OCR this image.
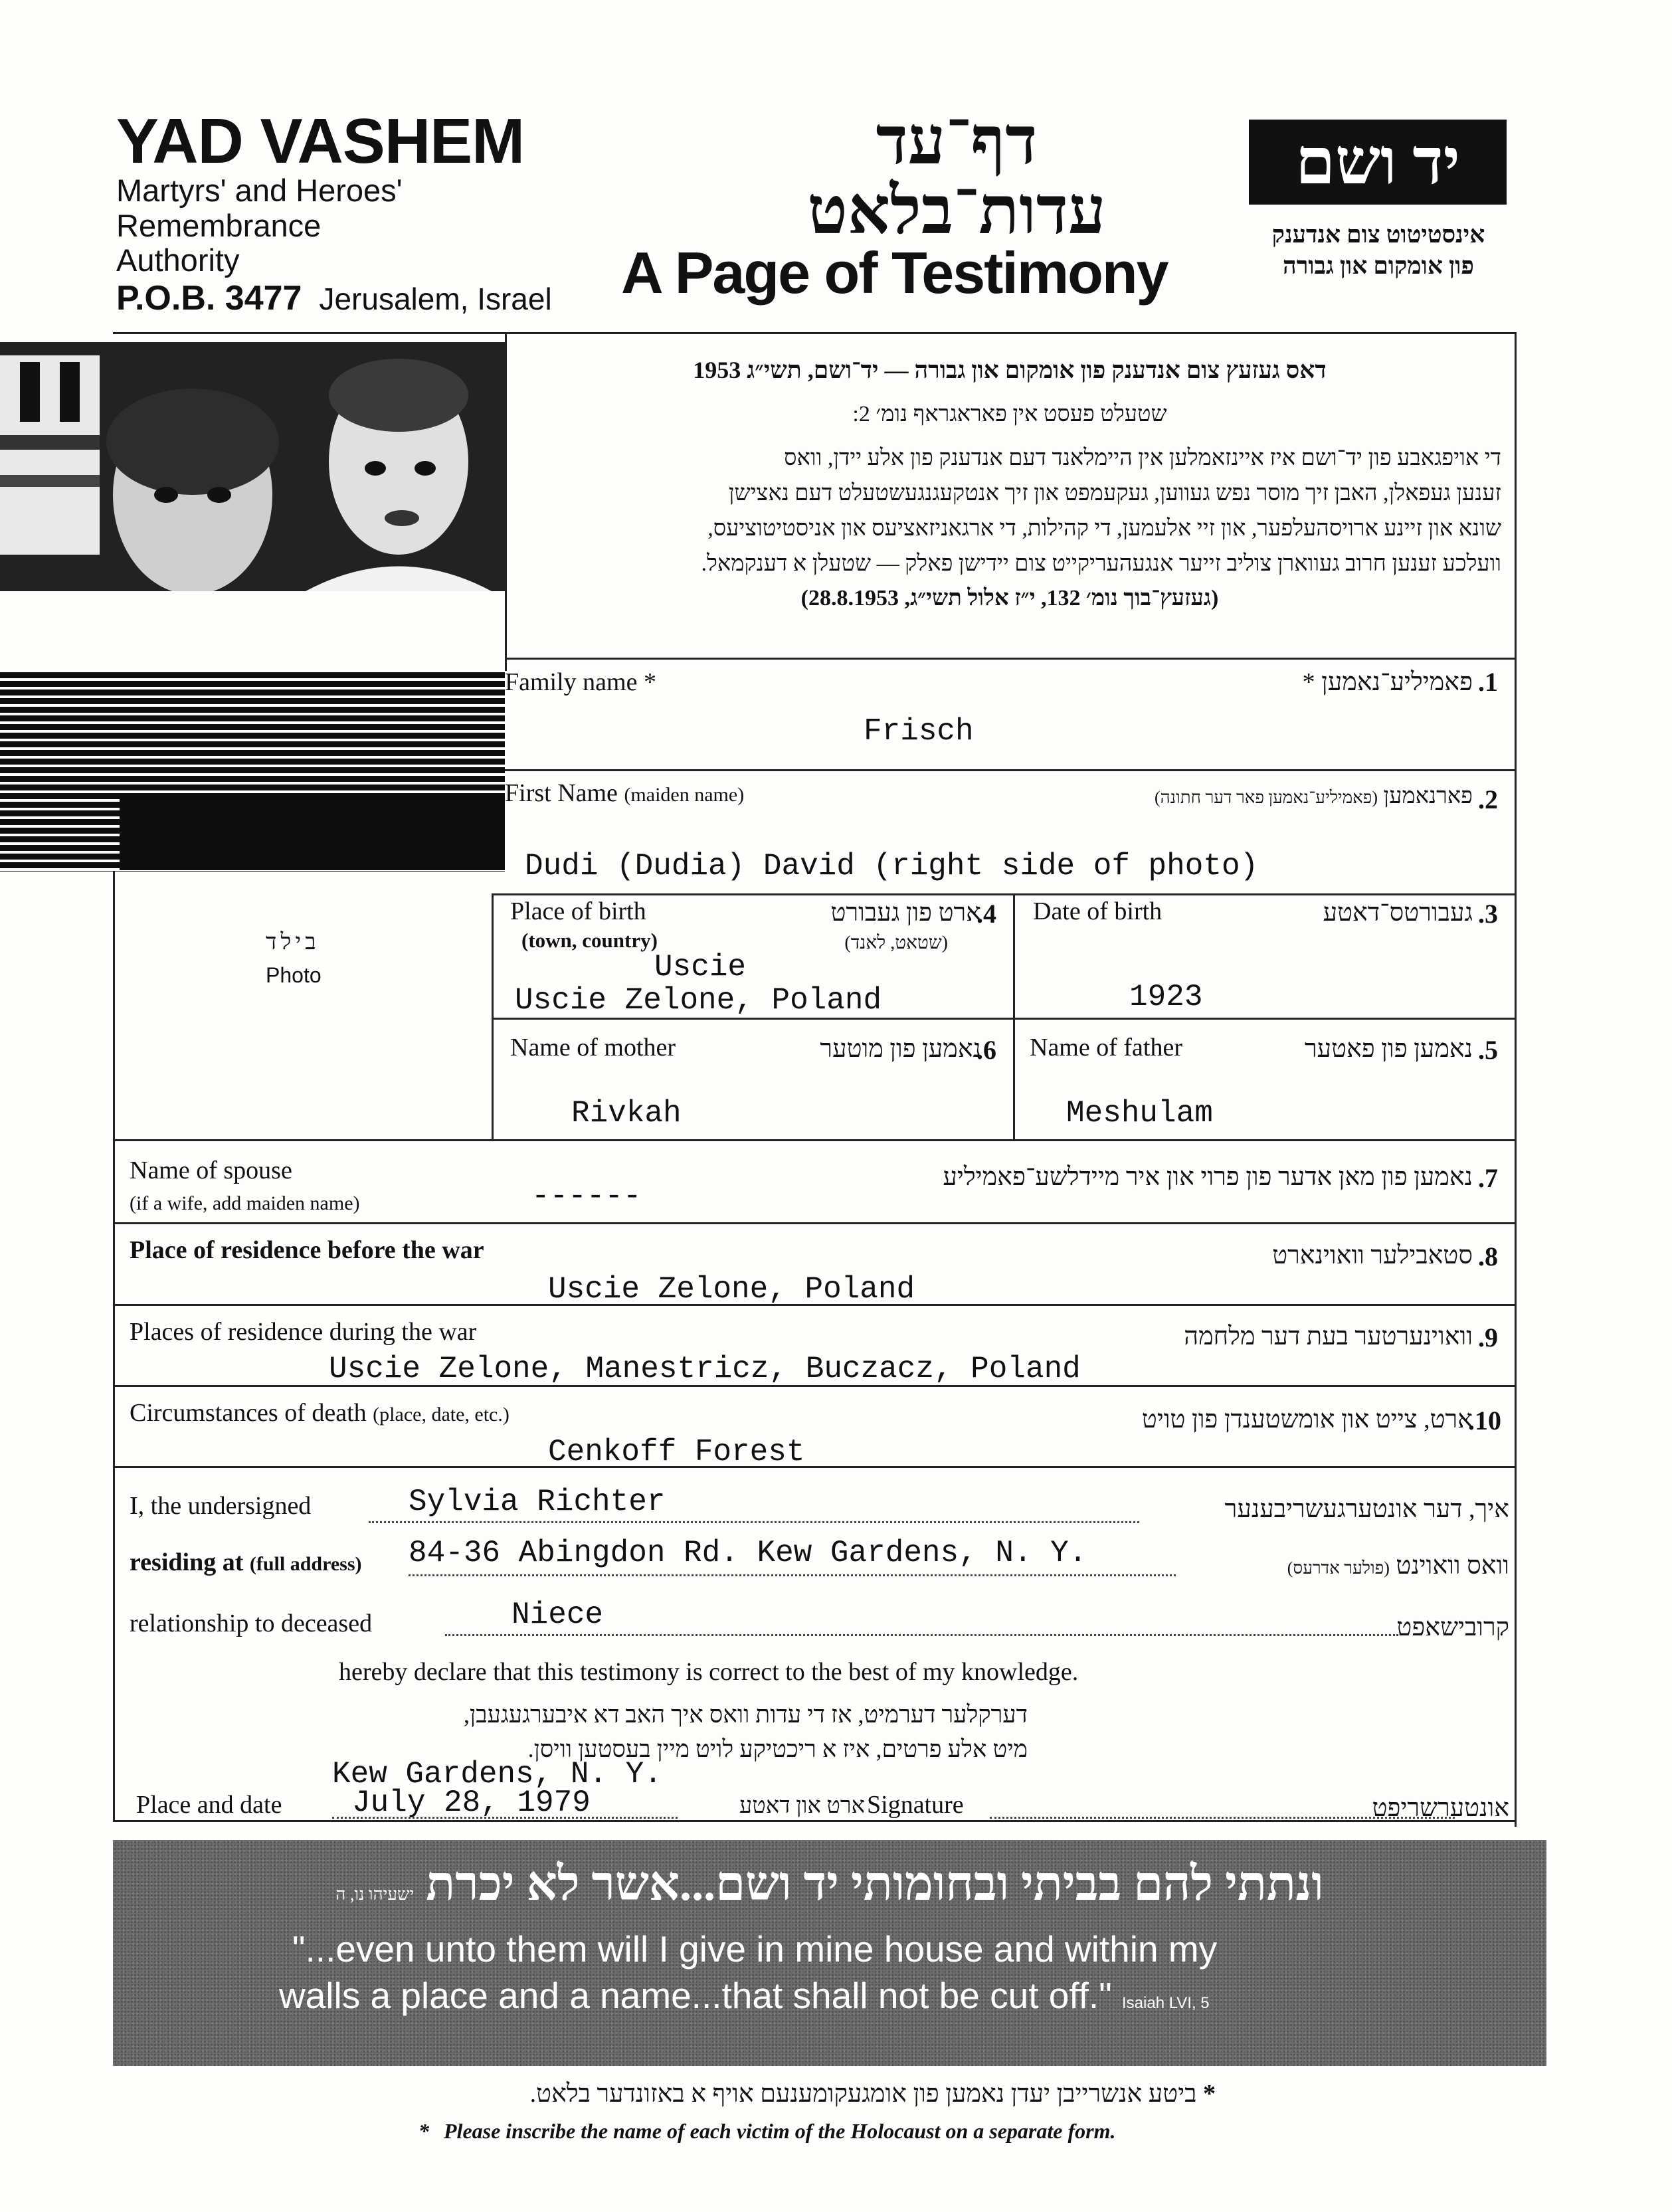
YAD VASHEM
Martyrs' and Heroes'
Remembrance
Authority
P.O.B. 3477 Jerusalem, Israel
דף־עד
עדות־בלאט
A Page of Testimony
יד ושם
אינסטיטוט צום אנדענק
פון אומקום און גבורה
בילד
Photo
דאס געזעץ צום אנדענק פון אומקום און גבורה — יד־ושם, תשי״ג 1953
שטעלט פעסט אין פאראגראף נומ׳ 2:
די אויפגאבע פון יד־ושם איז איינזאמלען אין היימלאנד דעם אנדענק פון אלע יידן, וואס
זענען געפאלן, האבן זיך מוסר נפש געווען, געקעמפט און זיך אנטקעגנגעשטעלט דעם נאצישן
שונא און זיינע ארויסהעלפער, און זיי אלעמען, די קהילות, די ארגאניזאציעס און אניסטיטוציעס,
וועלכע זענען חרוב געווארן צוליב זייער אנגעהעריקייט צום יידישן פאלק — שטעלן א דענקמאל.
(געזעץ־בוך נומ׳ 132, י״ז אלול תשי״ג, 28.8.1953)
Family name *	פאמיליע־נאמען * .1
Frisch
First Name (maiden name)	פארנאמען (פאמיליע־נאמען פאר דער חתונה)	.2
Dudi (Dudia) David (right side of photo)
Place of birth
(town, country)
ארט פון געבורט
(שטאט, לאנד)
.4
Uscie
Uscie Zelone, Poland
Date of birth	געבורטס־דאטע .3
1923
Name of mother	נאמען פון מוטער
.6
Rivkah
Name of father	נאמען פון פאטער .5
Meshulam
Name of spouse
(if a wife, add maiden name)	------
נאמען פון מאן אדער פון פרוי און איר מיידלשע־פאמיליע .7
Place of residence before the war	סטאבילער וואוינארט .8
Uscie Zelone, Poland
Places of residence during the war	וואוינערטער בעת דער מלחמה .9
Uscie Zelone, Manestricz, Buczacz, Poland
Circumstances of death (place, date, etc.)	ארט, צייט און אומשטענדן פון טויט
.10
Cenkoff Forest
I, the undersigned	Sylvia Richter	איך, דער אונטערגעשריבענער
residing at (full address) 84-36 Abingdon Rd. Kew Gardens, N. Y.	וואס וואוינט (פולער אדרעס)
relationship to deceased	Niece	קרובישאפט
hereby declare that this testimony is correct to the best of my knowledge.
דערקלער דערמיט, אז די עדות וואס איך האב דא איבערגעגעבן,
מיט אלע פרטים, איז א ריכטיקע לויט מיין בעסטען וויסן.
Kew Gardens, N. Y.
Place and date July 28, 1979	ארט און דאטע Signature	אונטערשריפט
ונתתי להם בביתי ובחומותי יד ושם...אשר לא יכרת ישעיהו נו, ה
"...even unto them will I give in mine house and within my
walls a place and a name...that shall not be cut off." Isaiah LVI, 5
* ביטע אנשרייבן יעדן נאמען פון אומגעקומענעם אויף א באזונדער בלאט.
* Please inscribe the name of each victim of the Holocaust on a separate form.
